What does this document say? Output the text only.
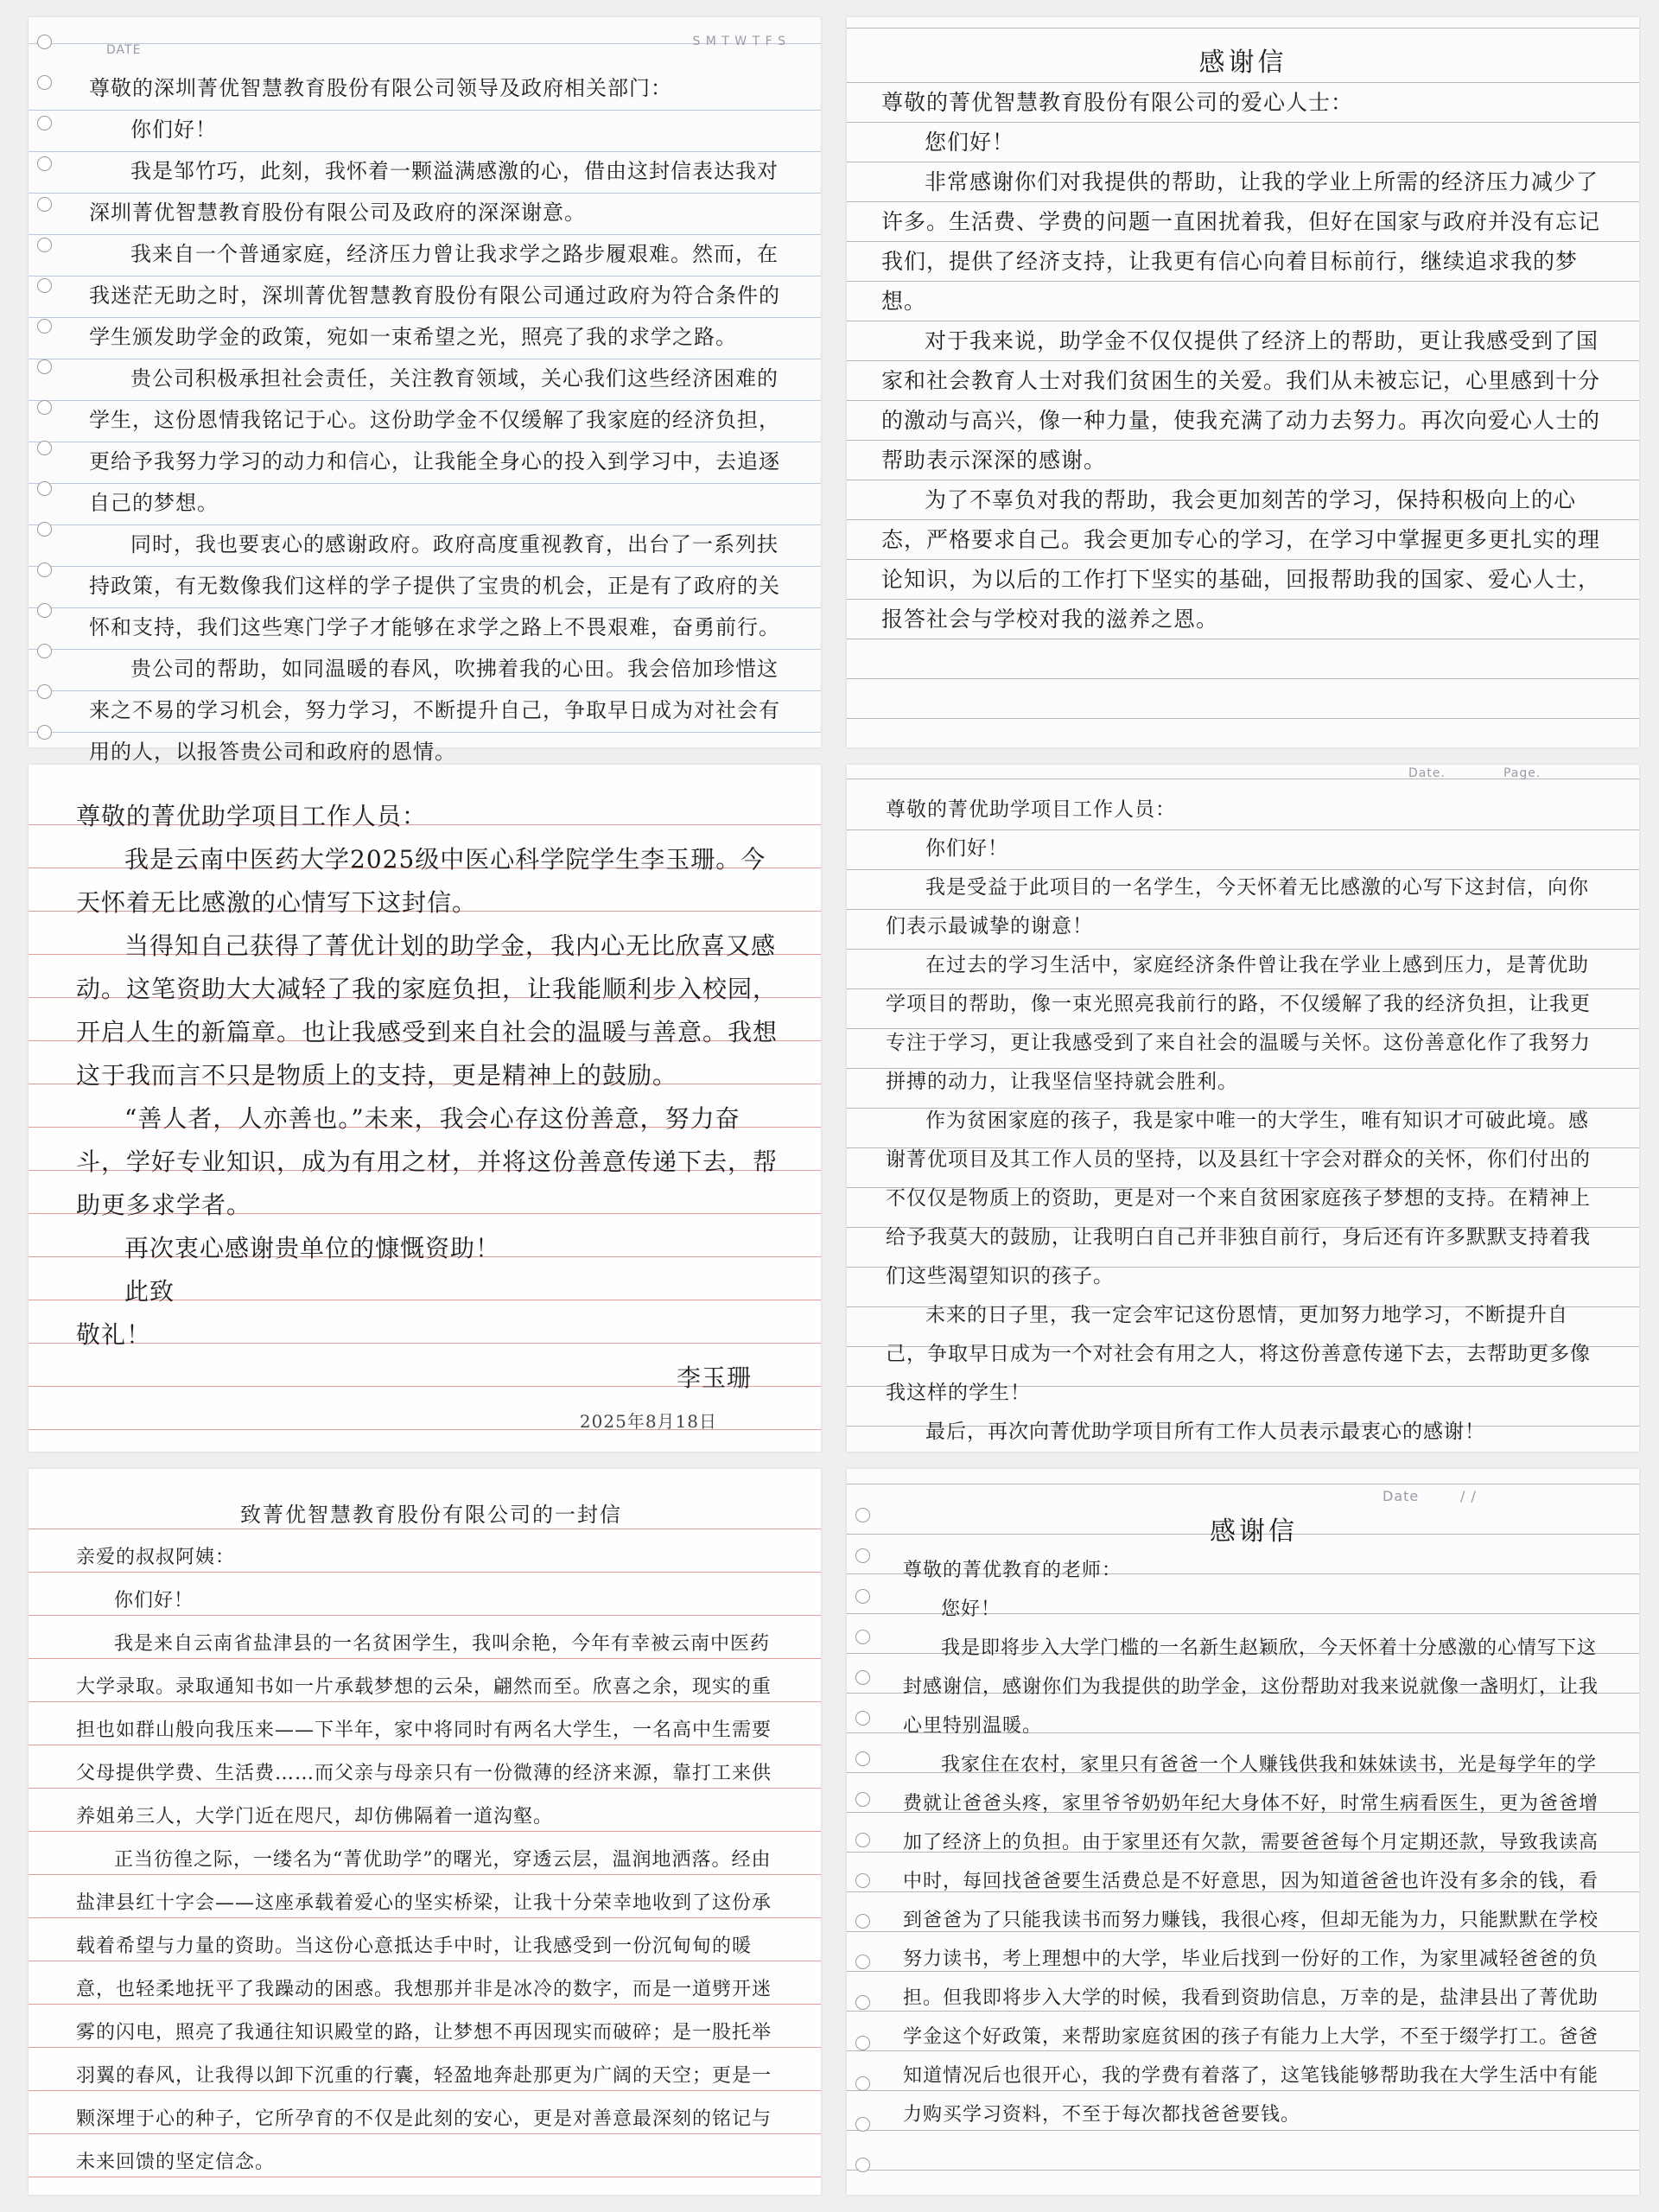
DATE
S M T W T F S

尊敬的深圳菁优智慧教育股份有限公司领导及政府相关部门：

你们好！

我是邹竹巧，此刻，我怀着一颗溢满感激的心，借由这封信表达我对深圳菁优智慧教育股份有限公司及政府的深深谢意。

我来自一个普通家庭，经济压力曾让我求学之路步履艰难。然而，在我迷茫无助之时，深圳菁优智慧教育股份有限公司通过政府为符合条件的学生颁发助学金的政策，宛如一束希望之光，照亮了我的求学之路。

贵公司积极承担社会责任，关注教育领域，关心我们这些经济困难的学生，这份恩情我铭记于心。这份助学金不仅缓解了我家庭的经济负担，更给予我努力学习的动力和信心，让我能全身心的投入到学习中，去追逐自己的梦想。

同时，我也要衷心的感谢政府。政府高度重视教育，出台了一系列扶持政策，有无数像我们这样的学子提供了宝贵的机会，正是有了政府的关怀和支持，我们这些寒门学子才能够在求学之路上不畏艰难，奋勇前行。

贵公司的帮助，如同温暖的春风，吹拂着我的心田。我会倍加珍惜这来之不易的学习机会，努力学习，不断提升自己，争取早日成为对社会有用的人，以报答贵公司和政府的恩情。

感谢信

尊敬的菁优智慧教育股份有限公司的爱心人士：

您们好！

非常感谢你们对我提供的帮助，让我的学业上所需的经济压力减少了许多。生活费、学费的问题一直困扰着我，但好在国家与政府并没有忘记我们，提供了经济支持，让我更有信心向着目标前行，继续追求我的梦想。

对于我来说，助学金不仅仅提供了经济上的帮助，更让我感受到了国家和社会教育人士对我们贫困生的关爱。我们从未被忘记，心里感到十分的激动与高兴，像一种力量，使我充满了动力去努力。再次向爱心人士的帮助表示深深的感谢。

为了不辜负对我的帮助，我会更加刻苦的学习，保持积极向上的心态，严格要求自己。我会更加专心的学习，在学习中掌握更多更扎实的理论知识，为以后的工作打下坚实的基础，回报帮助我的国家、爱心人士，报答社会与学校对我的滋养之恩。

尊敬的菁优助学项目工作人员：

我是云南中医药大学2025级中医心科学院学生李玉珊。今天怀着无比感激的心情写下这封信。

当得知自己获得了菁优计划的助学金，我内心无比欣喜又感动。这笔资助大大减轻了我的家庭负担，让我能顺利步入校园，开启人生的新篇章。也让我感受到来自社会的温暖与善意。我想这于我而言不只是物质上的支持，更是精神上的鼓励。

“善人者，人亦善也。”未来，我会心存这份善意，努力奋斗，学好专业知识，成为有用之材，并将这份善意传递下去，帮助更多求学者。

再次衷心感谢贵单位的慷慨资助！

此致

敬礼！

李玉珊
2025年8月18日
Date.	Page.

尊敬的菁优助学项目工作人员：

你们好！

我是受益于此项目的一名学生，今天怀着无比感激的心写下这封信，向你们表示最诚挚的谢意！

在过去的学习生活中，家庭经济条件曾让我在学业上感到压力，是菁优助学项目的帮助，像一束光照亮我前行的路，不仅缓解了我的经济负担，让我更专注于学习，更让我感受到了来自社会的温暖与关怀。这份善意化作了我努力拼搏的动力，让我坚信坚持就会胜利。

作为贫困家庭的孩子，我是家中唯一的大学生，唯有知识才可破此境。感谢菁优项目及其工作人员的坚持，以及县红十字会对群众的关怀，你们付出的不仅仅是物质上的资助，更是对一个来自贫困家庭孩子梦想的支持。在精神上给予我莫大的鼓励，让我明白自己并非独自前行，身后还有许多默默支持着我们这些渴望知识的孩子。

未来的日子里，我一定会牢记这份恩情，更加努力地学习，不断提升自己，争取早日成为一个对社会有用之人，将这份善意传递下去，去帮助更多像我这样的学生！

最后，再次向菁优助学项目所有工作人员表示最衷心的感谢！

致菁优智慧教育股份有限公司的一封信

亲爱的叔叔阿姨：

你们好！

我是来自云南省盐津县的一名贫困学生，我叫余艳，今年有幸被云南中医药大学录取。录取通知书如一片承载梦想的云朵，翩然而至。欣喜之余，现实的重担也如群山般向我压来——下半年，家中将同时有两名大学生，一名高中生需要父母提供学费、生活费……而父亲与母亲只有一份微薄的经济来源，靠打工来供养姐弟三人，大学门近在咫尺，却仿佛隔着一道沟壑。

正当彷徨之际，一缕名为“菁优助学”的曙光，穿透云层，温润地洒落。经由盐津县红十字会——这座承载着爱心的坚实桥梁，让我十分荣幸地收到了这份承载着希望与力量的资助。当这份心意抵达手中时，让我感受到一份沉甸甸的暖意，也轻柔地抚平了我躁动的困惑。我想那并非是冰冷的数字，而是一道劈开迷雾的闪电，照亮了我通往知识殿堂的路，让梦想不再因现实而破碎；是一股托举羽翼的春风，让我得以卸下沉重的行囊，轻盈地奔赴那更为广阔的天空；更是一颗深埋于心的种子，它所孕育的不仅是此刻的安心，更是对善意最深刻的铭记与未来回馈的坚定信念。

Date	/ /
感谢信

尊敬的菁优教育的老师：

您好！

我是即将步入大学门槛的一名新生赵颖欣，今天怀着十分感激的心情写下这封感谢信，感谢你们为我提供的助学金，这份帮助对我来说就像一盏明灯，让我心里特别温暖。

我家住在农村，家里只有爸爸一个人赚钱供我和妹妹读书，光是每学年的学费就让爸爸头疼，家里爷爷奶奶年纪大身体不好，时常生病看医生，更为爸爸增加了经济上的负担。由于家里还有欠款，需要爸爸每个月定期还款，导致我读高中时，每回找爸爸要生活费总是不好意思，因为知道爸爸也许没有多余的钱，看到爸爸为了只能我读书而努力赚钱，我很心疼，但却无能为力，只能默默在学校努力读书，考上理想中的大学，毕业后找到一份好的工作，为家里减轻爸爸的负担。但我即将步入大学的时候，我看到资助信息，万幸的是，盐津县出了菁优助学金这个好政策，来帮助家庭贫困的孩子有能力上大学，不至于缀学打工。爸爸知道情况后也很开心，我的学费有着落了，这笔钱能够帮助我在大学生活中有能力购买学习资料，不至于每次都找爸爸要钱。
